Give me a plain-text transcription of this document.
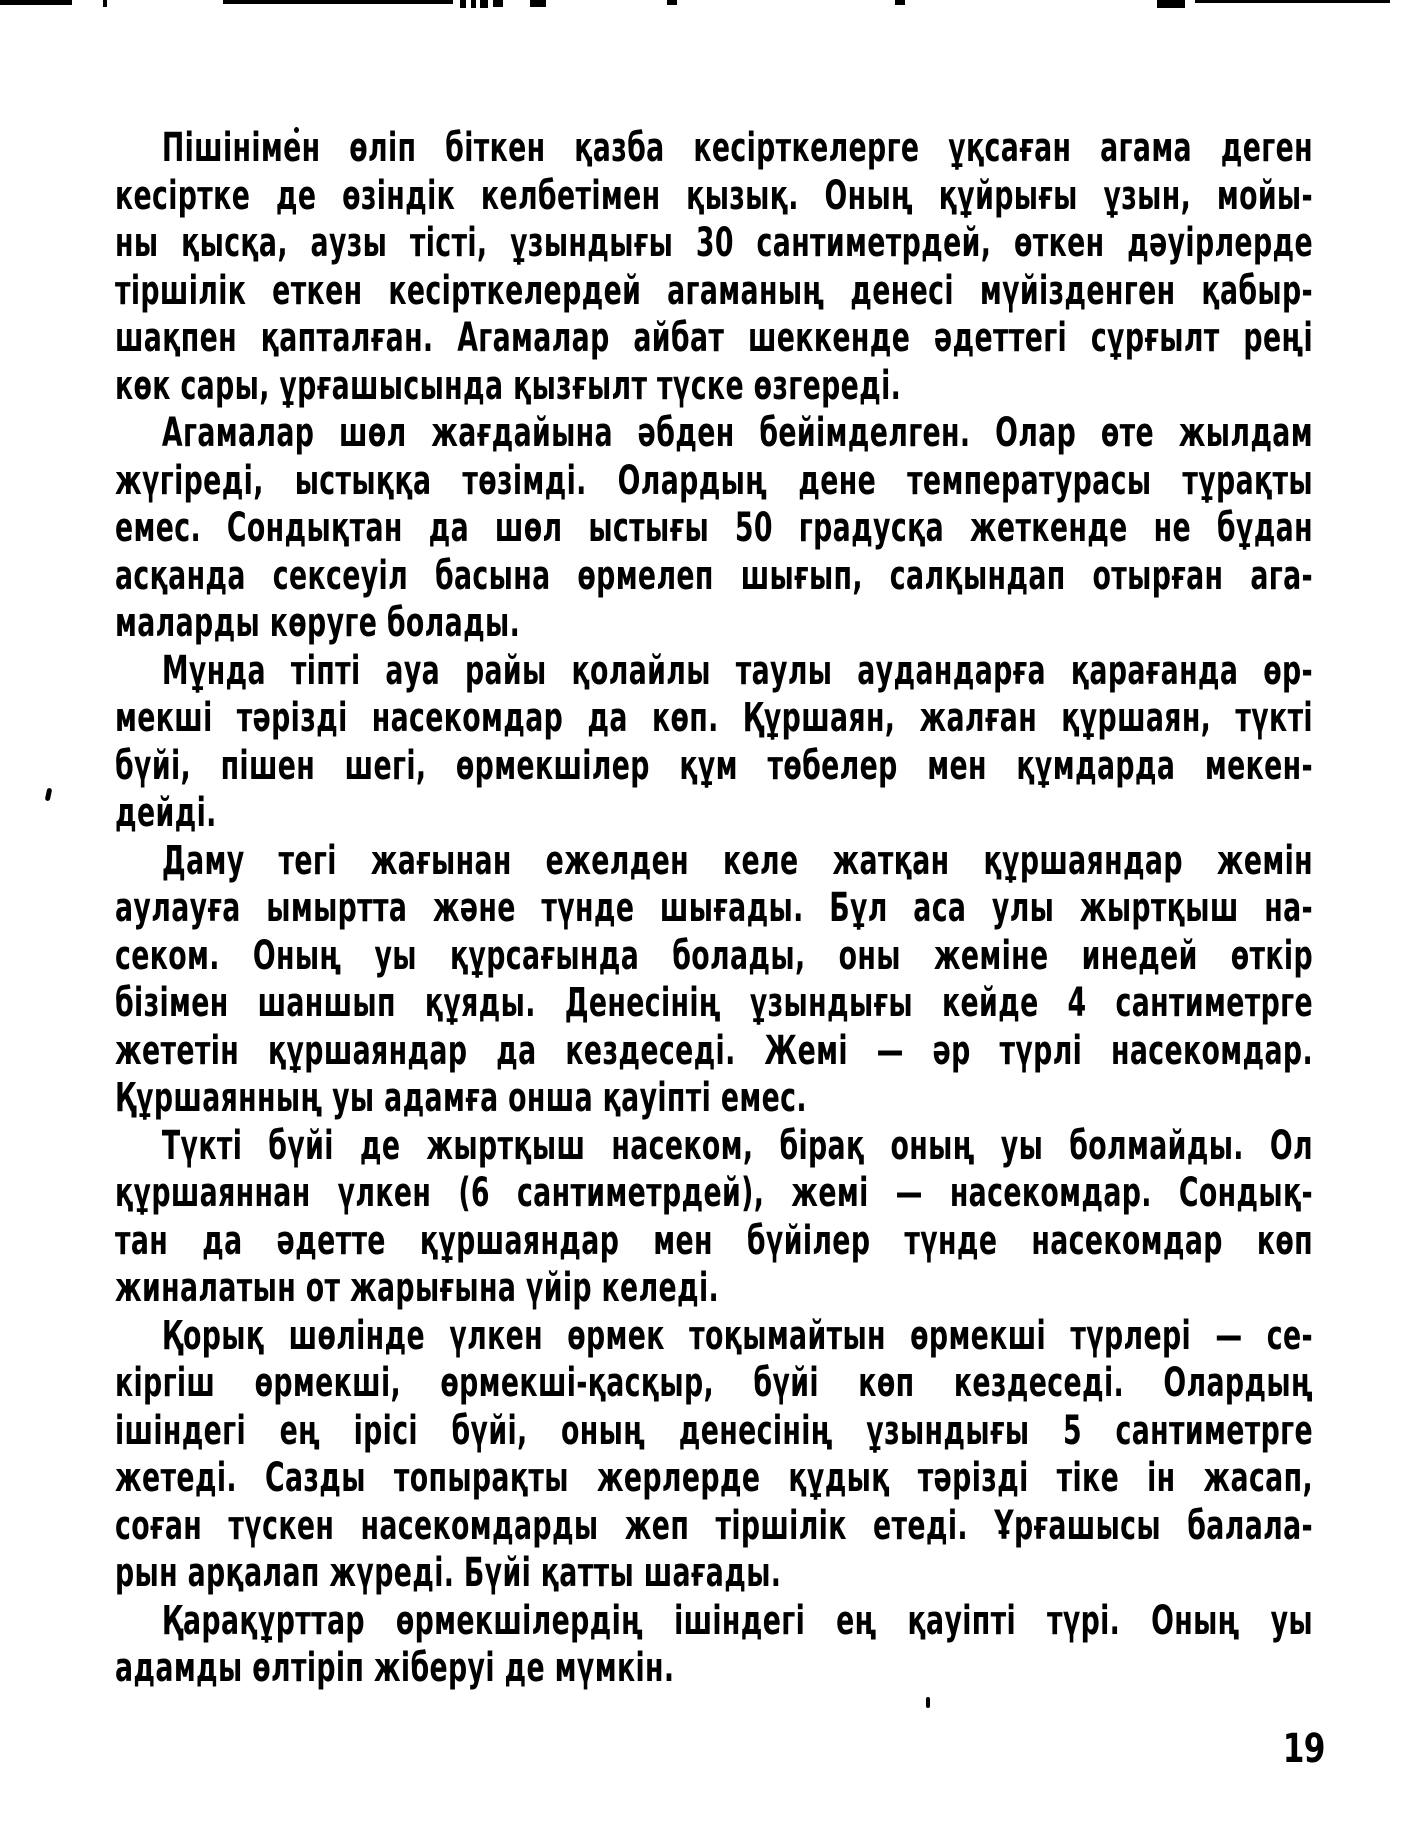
Пішінімен өліп біткен қазба кесірткелерге ұқсаған агама деген
кесіртке де өзіндік келбетімен қызық. Оның құйрығы ұзын, мойы-
ны қысқа, аузы тісті, ұзындығы 30 сантиметрдей, өткен дәуірлерде
тіршілік еткен кесірткелердей агаманың денесі мүйізденген қабыр-
шақпен қапталған. Агамалар айбат шеккенде әдеттегі сұрғылт реңі
көк сары, ұрғашысында қызғылт түске өзгереді.
Агамалар шөл жағдайына әбден бейімделген. Олар өте жылдам
жүгіреді, ыстыққа төзімді. Олардың дене температурасы тұрақты
емес. Сондықтан да шөл ыстығы 50 градусқа жеткенде не бұдан
асқанда сексеуіл басына өрмелеп шығып, салқындап отырған ага-
маларды көруге болады.
Мұнда тіпті ауа райы қолайлы таулы аудандарға қарағанда өр-
мекші тәрізді насекомдар да көп. Құршаян, жалған құршаян, түкті
бүйі, пішен шегі, өрмекшілер құм төбелер мен құмдарда мекен-
дейді.
Даму тегі жағынан ежелден келе жатқан құршаяндар жемін
аулауға ымыртта және түнде шығады. Бұл аса улы жыртқыш на-
секом. Оның уы құрсағында болады, оны жеміне инедей өткір
бізімен шаншып құяды. Денесінің ұзындығы кейде 4 сантиметрге
жететін құршаяндар да кездеседі. Жемі — әр түрлі насекомдар.
Құршаянның уы адамға онша қауіпті емес.
Түкті бүйі де жыртқыш насеком, бірақ оның уы болмайды. Ол
құршаяннан үлкен (6 сантиметрдей), жемі — насекомдар. Сондық-
тан да әдетте құршаяндар мен бүйілер түнде насекомдар көп
жиналатын от жарығына үйір келеді.
Қорық шөлінде үлкен өрмек тоқымайтын өрмекші түрлері — се-
кіргіш өрмекші, өрмекші-қасқыр, бүйі көп кездеседі. Олардың
ішіндегі ең ірісі бүйі, оның денесінің ұзындығы 5 сантиметрге
жетеді. Сазды топырақты жерлерде құдық тәрізді тіке ін жасап,
соған түскен насекомдарды жеп тіршілік етеді. Ұрғашысы балала-
рын арқалап жүреді. Бүйі қатты шағады.
Қарақұрттар өрмекшілердің ішіндегі ең қауіпті түрі. Оның уы
адамды өлтіріп жіберуі де мүмкін.
19
